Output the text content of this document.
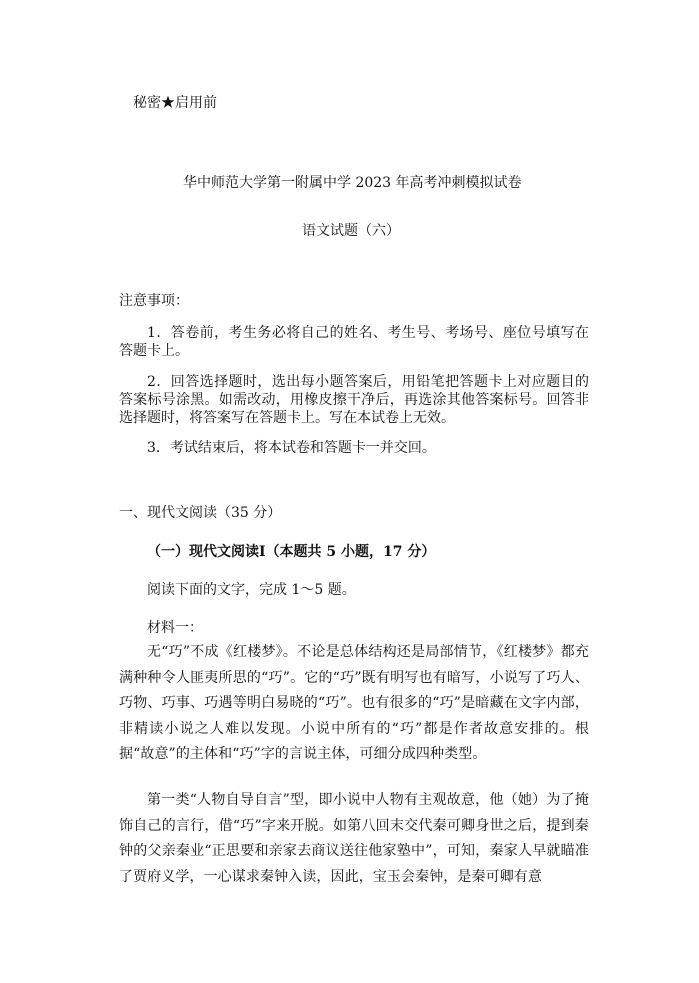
秘密★启用前
华中师范大学第一附属中学 2023 年高考冲刺模拟试卷
语文试题（六）
注意事项：
1．答卷前，考生务必将自己的姓名、考生号、考场号、座位号填写在答题卡上。
2．回答选择题时，选出每小题答案后，用铅笔把答题卡上对应题目的答案标号涂黑。如需改动，用橡皮擦干净后，再选涂其他答案标号。回答非选择题时，将答案写在答题卡上。写在本试卷上无效。
3．考试结束后，将本试卷和答题卡一并交回。
一、现代文阅读（35 分）
（一）现代文阅读Ⅰ（本题共 5 小题，17 分）
阅读下面的文字，完成 1～5 题。
材料一：
无“巧”不成《红楼梦》。不论是总体结构还是局部情节，《红楼梦》都充满种种令人匪夷所思的“巧”。它的“巧”既有明写也有暗写，小说写了巧人、巧物、巧事、巧遇等明白易晓的“巧”。也有很多的“巧”是暗藏在文字内部，非精读小说之人难以发现。小说中所有的“巧”都是作者故意安排的。根据“故意”的主体和“巧”字的言说主体，可细分成四种类型。
第一类“人物自导自言”型，即小说中人物有主观故意，他（她）为了掩饰自己的言行，借“巧”字来开脱。如第八回末交代秦可卿身世之后，提到秦钟的父亲秦业“正思要和亲家去商议送往他家塾中”，可知，秦家人早就瞄准了贾府义学，一心谋求秦钟入读，因此，宝玉会秦钟，是秦可卿有意
